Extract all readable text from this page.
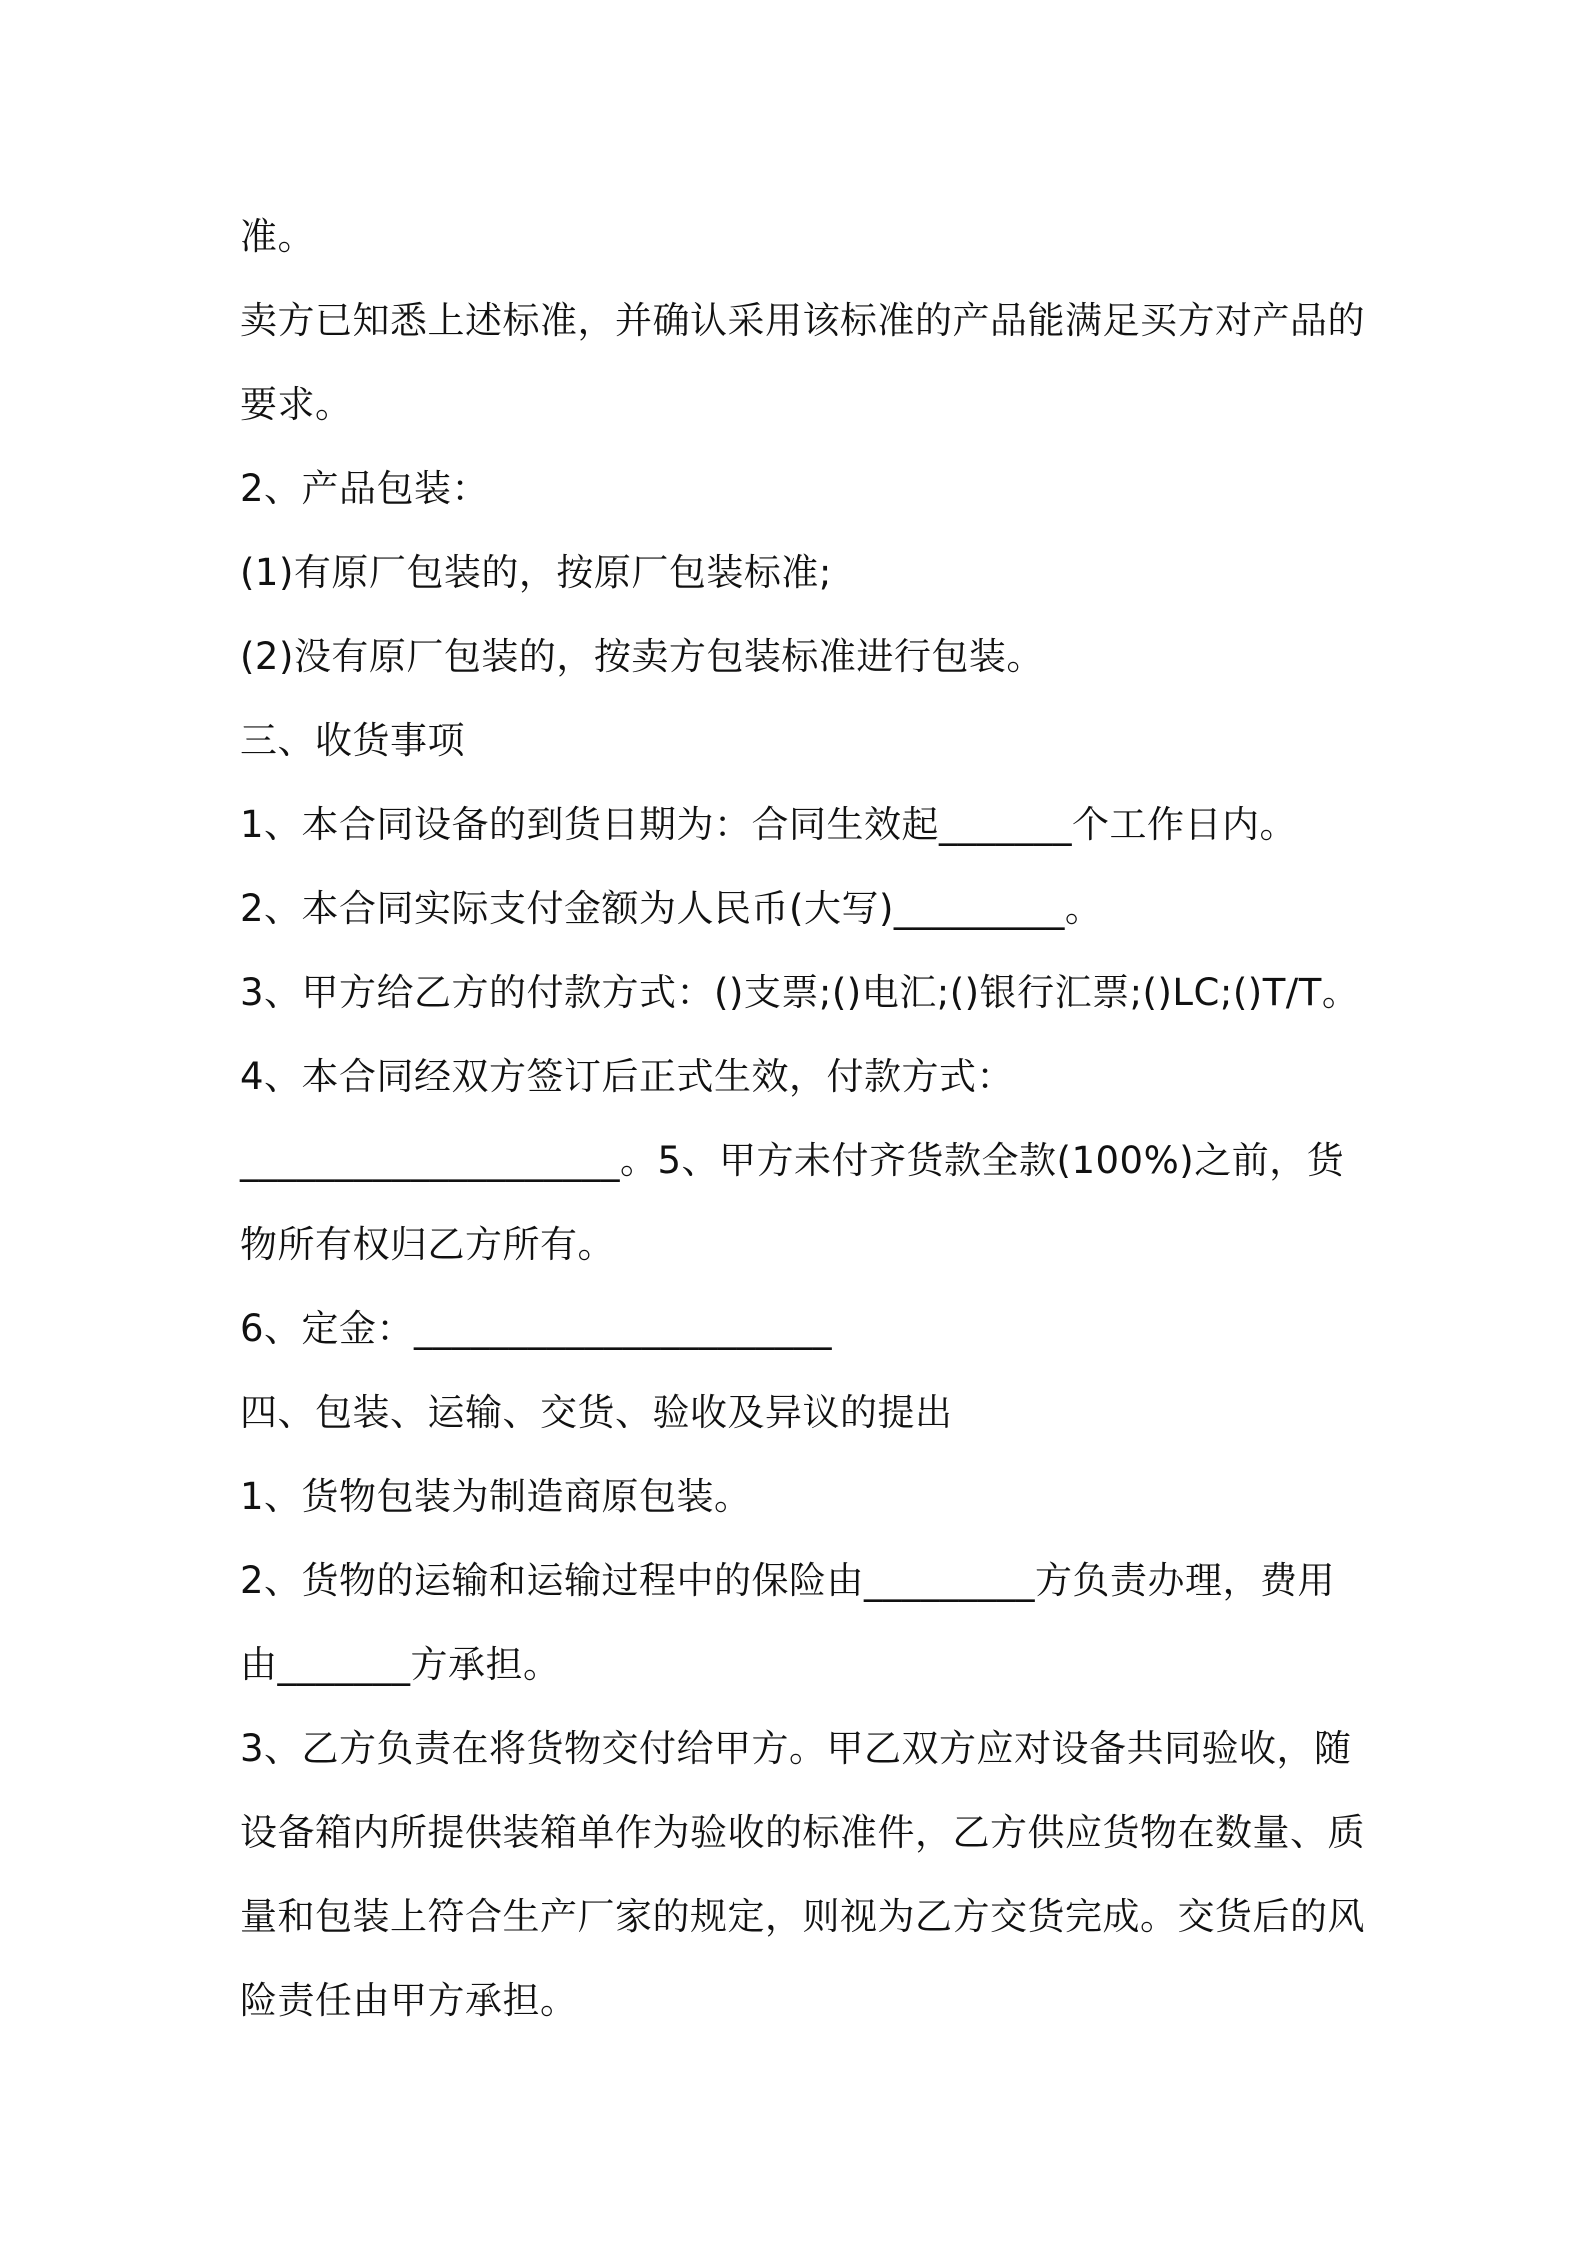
准。
卖方已知悉上述标准，并确认采用该标准的产品能满足买方对产品的
要求。
2、产品包装：
(1)有原厂包装的，按原厂包装标准;
(2)没有原厂包装的，按卖方包装标准进行包装。
三、收货事项
1、本合同设备的到货日期为：合同生效起_______个工作日内。
2、本合同实际支付金额为人民币(大写)_________。
3、甲方给乙方的付款方式：()支票;()电汇;()银行汇票;()LC;()T/T。
4、本合同经双方签订后正式生效，付款方式：
____________________。5、甲方未付齐货款全款(100%)之前，货
物所有权归乙方所有。
6、定金：______________________
四、包装、运输、交货、验收及异议的提出
1、货物包装为制造商原包装。
2、货物的运输和运输过程中的保险由_________方负责办理，费用
由_______方承担。
3、乙方负责在将货物交付给甲方。甲乙双方应对设备共同验收，随
设备箱内所提供装箱单作为验收的标准件，乙方供应货物在数量、质
量和包装上符合生产厂家的规定，则视为乙方交货完成。交货后的风
险责任由甲方承担。
